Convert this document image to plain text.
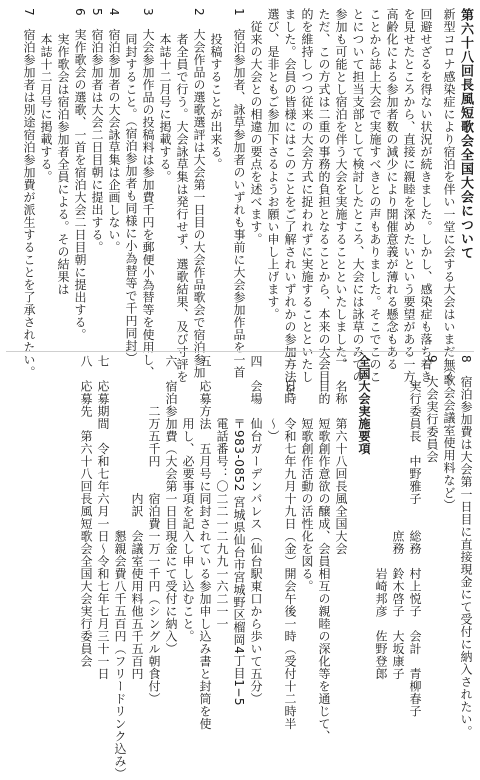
第六十八回長風短歌会全国大会について

新型コロナ感染症により宿泊を伴い一堂に会する大会はいまだ無く

回避せざるを得ない状況が続きました。しかし、感染症も落ち着き

を見せたところから、直接に親睦を深めたいという要望がある一方、

高齢化による参加者数の減少により開催意義が薄れる懸念もある

ことから誌上大会で実施すべきとの声もありました。そこでこのこ

とについて担当支部として検討したところ、大会には詠草のみでの

参加も可能とし宿泊を伴う大会を実施することといたしました。

ただ、この方式は二重の事務的負担となることから、本来の大会目

的を維持しつつ従来の大会方式に捉われずに実施することといたし

ました。会員の皆様にはこのことをご了解されいずれかの参加方法を

選び、是非ともご参加下さるようお願い申し上げます。

　従来の大会との相違の要点を述べます。

1　宿泊参加者、詠草参加者のいずれも事前に大会参加作品を一首

　　投稿することが出来る。

2　大会作品の選歌選評は大会第一日目の大会作品歌会で宿泊参加

　　者全員で行う。大会詠草集は発行せず、選歌結果、及び寸評を

　　本誌十二月号に掲載する。

3　大会参加作品の投稿料は参加費千円を郵便小為替等を使用し、

　　同封すること。（宿泊参加者も同様に小為替等で千円同封）

4　宿泊参加者の大会詠草集は企画しない。

5　宿泊参加者は大会二日目朝に提出する。

6　実作歌会の選歌、一首を宿泊大会二日目朝に提出する。

　　実作歌会は宿泊参加者全員による。その結果は

　　本誌十二月号に掲載する。

7　宿泊参加者は別途宿泊参加費が派生することを了承されたい。

8　宿泊参加費は大会第一日目に直接現金にて受付に納入されたい。

　（歌会会議室使用料など）

9　大会実行委員会

　　実行委員長　中野雅子　　総務　村上悦子　会計　青柳春子

　　　　　　　　　　　　　　庶務　鈴木啓子　大坂康子

　　　　　　　　　　　　　　　　　岩崎邦彦　佐野登郎

全国大会実施要項

一　名称　第六十八回長風全国大会

二　目的　短歌創作意欲の醸成、会員相互の親睦の深化等を通じて、

　　　　　短歌創作活動の活性化を図る。

三　日時　令和七年九月十九日（金）開会午後一時（受付十二時半

　　　　　〜）

四　会場　仙台ガーデンパレス（仙台駅東口から歩いて五分）

　　　　　〒983-0852 宮城県仙台市宮城野区榴岡4丁目1−5

　　　　　電話番号：〇二二一二九九一六二一一

五　応募方法　五月号に同封されている参加申し込み書と封筒を使

　　　　　用し、必要事項を記入し申し込むこと。

六　宿泊参加費（大会第一日目現金にて受付に納入）

　　　　二万五千円　　宿泊費一万一千円（シングル朝食付）

　　　　　　　　　　　内訳　会議室使用料他五千五百円

　　　　　　　　　　　　　　懇親会費八千五百円（フリードリンク込み）

七　応募期間　令和七年六月一日〜令和七年七月三十一日

八　応募先　第六十八回長風短歌会全国大会実行委員会
